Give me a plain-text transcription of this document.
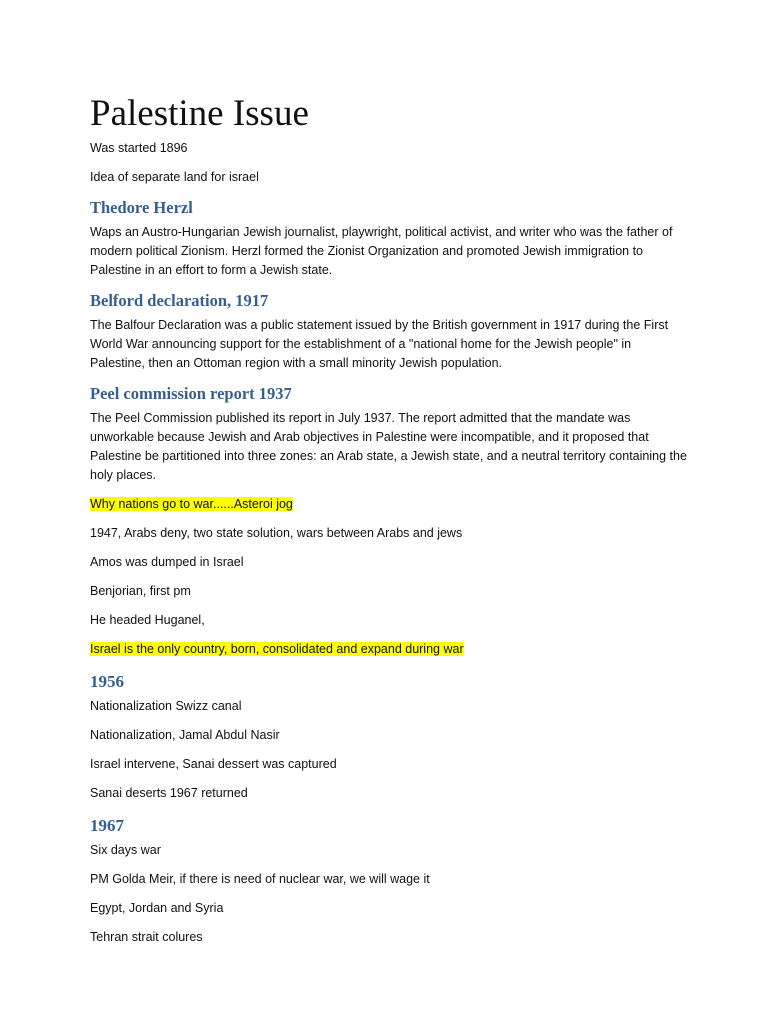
Palestine Issue

Was started 1896

Idea of separate land for israel

Thedore Herzl

Waps an Austro-Hungarian Jewish journalist, playwright, political activist, and writer who was the father of modern political Zionism. Herzl formed the Zionist Organization and promoted Jewish immigration to Palestine in an effort to form a Jewish state.

Belford declaration, 1917

The Balfour Declaration was a public statement issued by the British government in 1917 during the First World War announcing support for the establishment of a "national home for the Jewish people" in Palestine, then an Ottoman region with a small minority Jewish population.

Peel commission report 1937

The Peel Commission published its report in July 1937. The report admitted that the mandate was unworkable because Jewish and Arab objectives in Palestine were incompatible, and it proposed that Palestine be partitioned into three zones: an Arab state, a Jewish state, and a neutral territory containing the holy places.

Why nations go to war......Asteroi jog

1947, Arabs deny, two state solution, wars between Arabs and jews

Amos was dumped in Israel

Benjorian, first pm

He headed Huganel,

Israel is the only country, born, consolidated and expand during war

1956

Nationalization Swizz canal

Nationalization, Jamal Abdul Nasir

Israel intervene, Sanai dessert was captured

Sanai deserts 1967 returned

1967

Six days war

PM Golda Meir, if there is need of nuclear war, we will wage it

Egypt, Jordan and Syria

Tehran strait colures
